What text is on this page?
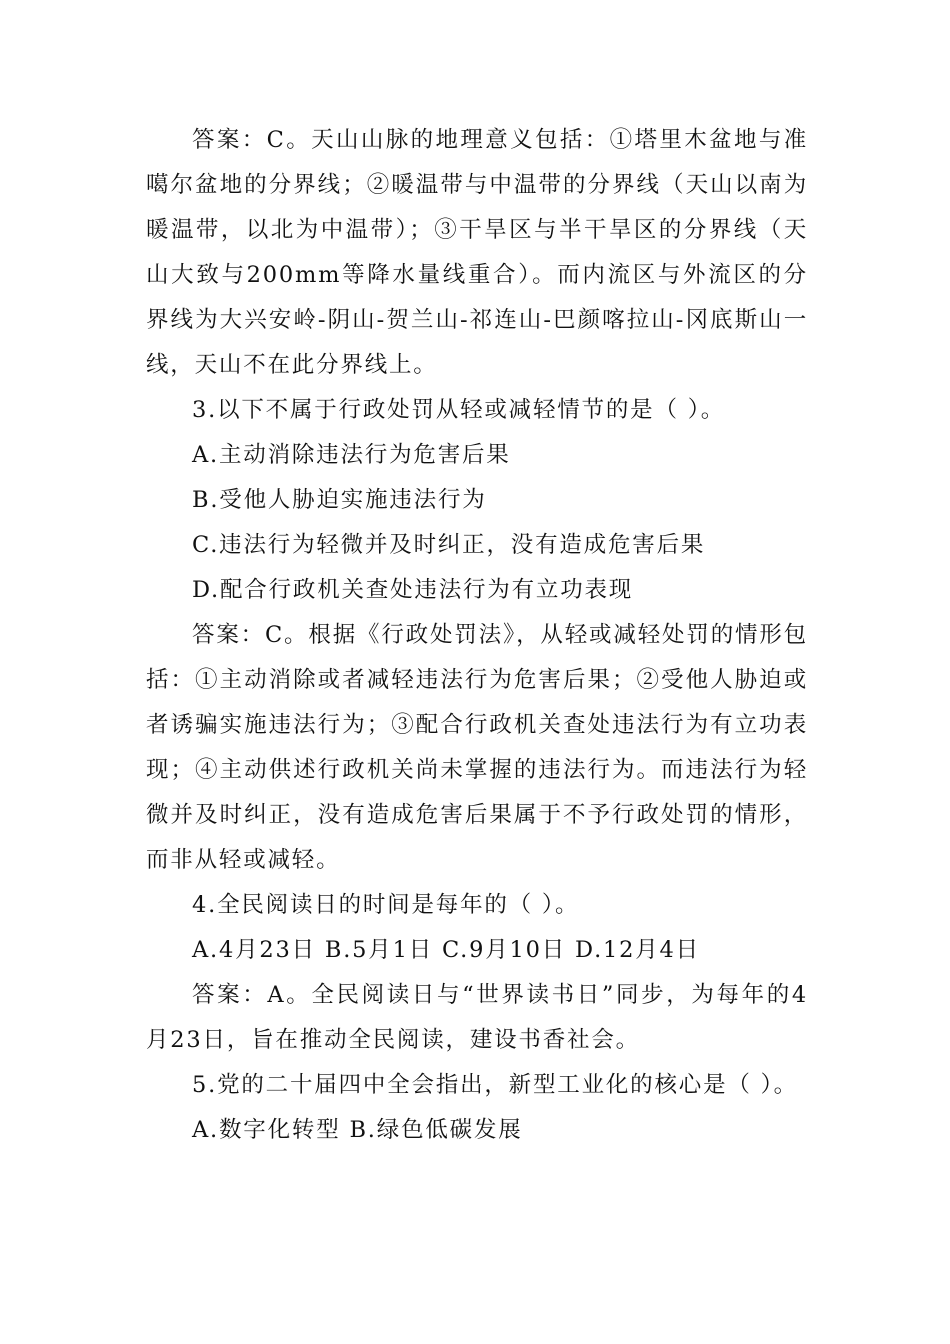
答案：C。天山山脉的地理意义包括：①塔里木盆地与准噶尔盆地的分界线；②暖温带与中温带的分界线（天山以南为暖温带，以北为中温带）；③干旱区与半干旱区的分界线（天山大致与200mm等降水量线重合）。而内流区与外流区的分界线为大兴安岭-阴山-贺兰山-祁连山-巴颜喀拉山-冈底斯山一线，天山不在此分界线上。

3.以下不属于行政处罚从轻或减轻情节的是（ ）。

A.主动消除违法行为危害后果

B.受他人胁迫实施违法行为

C.违法行为轻微并及时纠正，没有造成危害后果

D.配合行政机关查处违法行为有立功表现

答案：C。根据《行政处罚法》，从轻或减轻处罚的情形包括：①主动消除或者减轻违法行为危害后果；②受他人胁迫或者诱骗实施违法行为；③配合行政机关查处违法行为有立功表现；④主动供述行政机关尚未掌握的违法行为。而违法行为轻微并及时纠正，没有造成危害后果属于不予行政处罚的情形，而非从轻或减轻。

4.全民阅读日的时间是每年的（ ）。

A.4月23日 B.5月1日 C.9月10日 D.12月4日

答案：A。全民阅读日与“世界读书日”同步，为每年的4月23日，旨在推动全民阅读，建设书香社会。

5.党的二十届四中全会指出，新型工业化的核心是（ ）。

A.数字化转型 B.绿色低碳发展
